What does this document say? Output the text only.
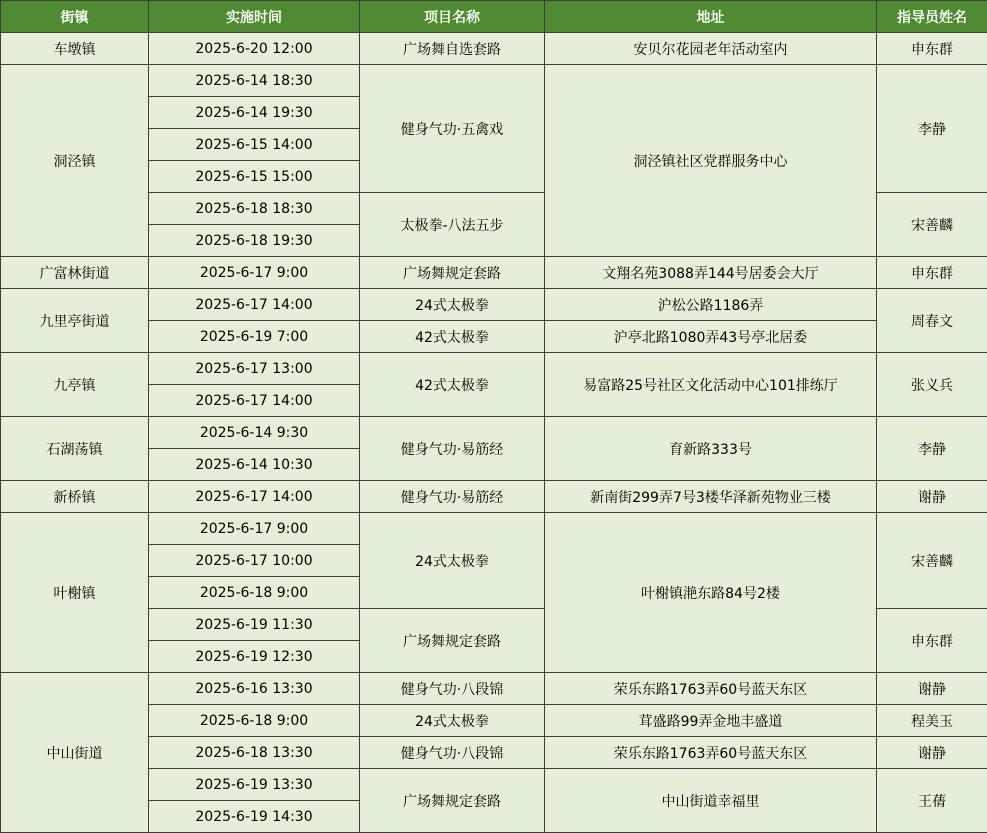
街镇	实施时间	项目名称	地址	指导员姓名
车墩镇	2025-6-20 12:00	广场舞自选套路	安贝尔花园老年活动室内	申东群
洞泾镇	2025-6-14 18:30	健身气功·五禽戏	洞泾镇社区党群服务中心	李静
	2025-6-14 19:30			
	2025-6-15 14:00			
	2025-6-15 15:00			
	2025-6-18 18:30	太极拳-八法五步		宋善麟
	2025-6-18 19:30			
广富林街道	2025-6-17 9:00	广场舞规定套路	文翔名苑3088弄144号居委会大厅	申东群
九里亭街道	2025-6-17 14:00	24式太极拳	沪松公路1186弄	周春文
	2025-6-19 7:00	42式太极拳	沪亭北路1080弄43号亭北居委	
九亭镇	2025-6-17 13:00	42式太极拳	易富路25号社区文化活动中心101排练厅	张义兵
	2025-6-17 14:00			
石湖荡镇	2025-6-14 9:30	健身气功·易筋经	育新路333号	李静
	2025-6-14 10:30			
新桥镇	2025-6-17 14:00	健身气功·易筋经	新南街299弄7号3楼华泽新苑物业三楼	谢静
叶榭镇	2025-6-17 9:00	24式太极拳	叶榭镇滟东路84号2楼	宋善麟
	2025-6-17 10:00			
	2025-6-18 9:00			
	2025-6-19 11:30	广场舞规定套路		申东群
	2025-6-19 12:30			
中山街道	2025-6-16 13:30	健身气功·八段锦	荣乐东路1763弄60号蓝天东区	谢静
	2025-6-18 9:00	24式太极拳	茸盛路99弄金地丰盛道	程美玉
	2025-6-18 13:30	健身气功·八段锦	荣乐东路1763弄60号蓝天东区	谢静
	2025-6-19 13:30	广场舞规定套路	中山街道幸福里	王蒨
	2025-6-19 14:30			
